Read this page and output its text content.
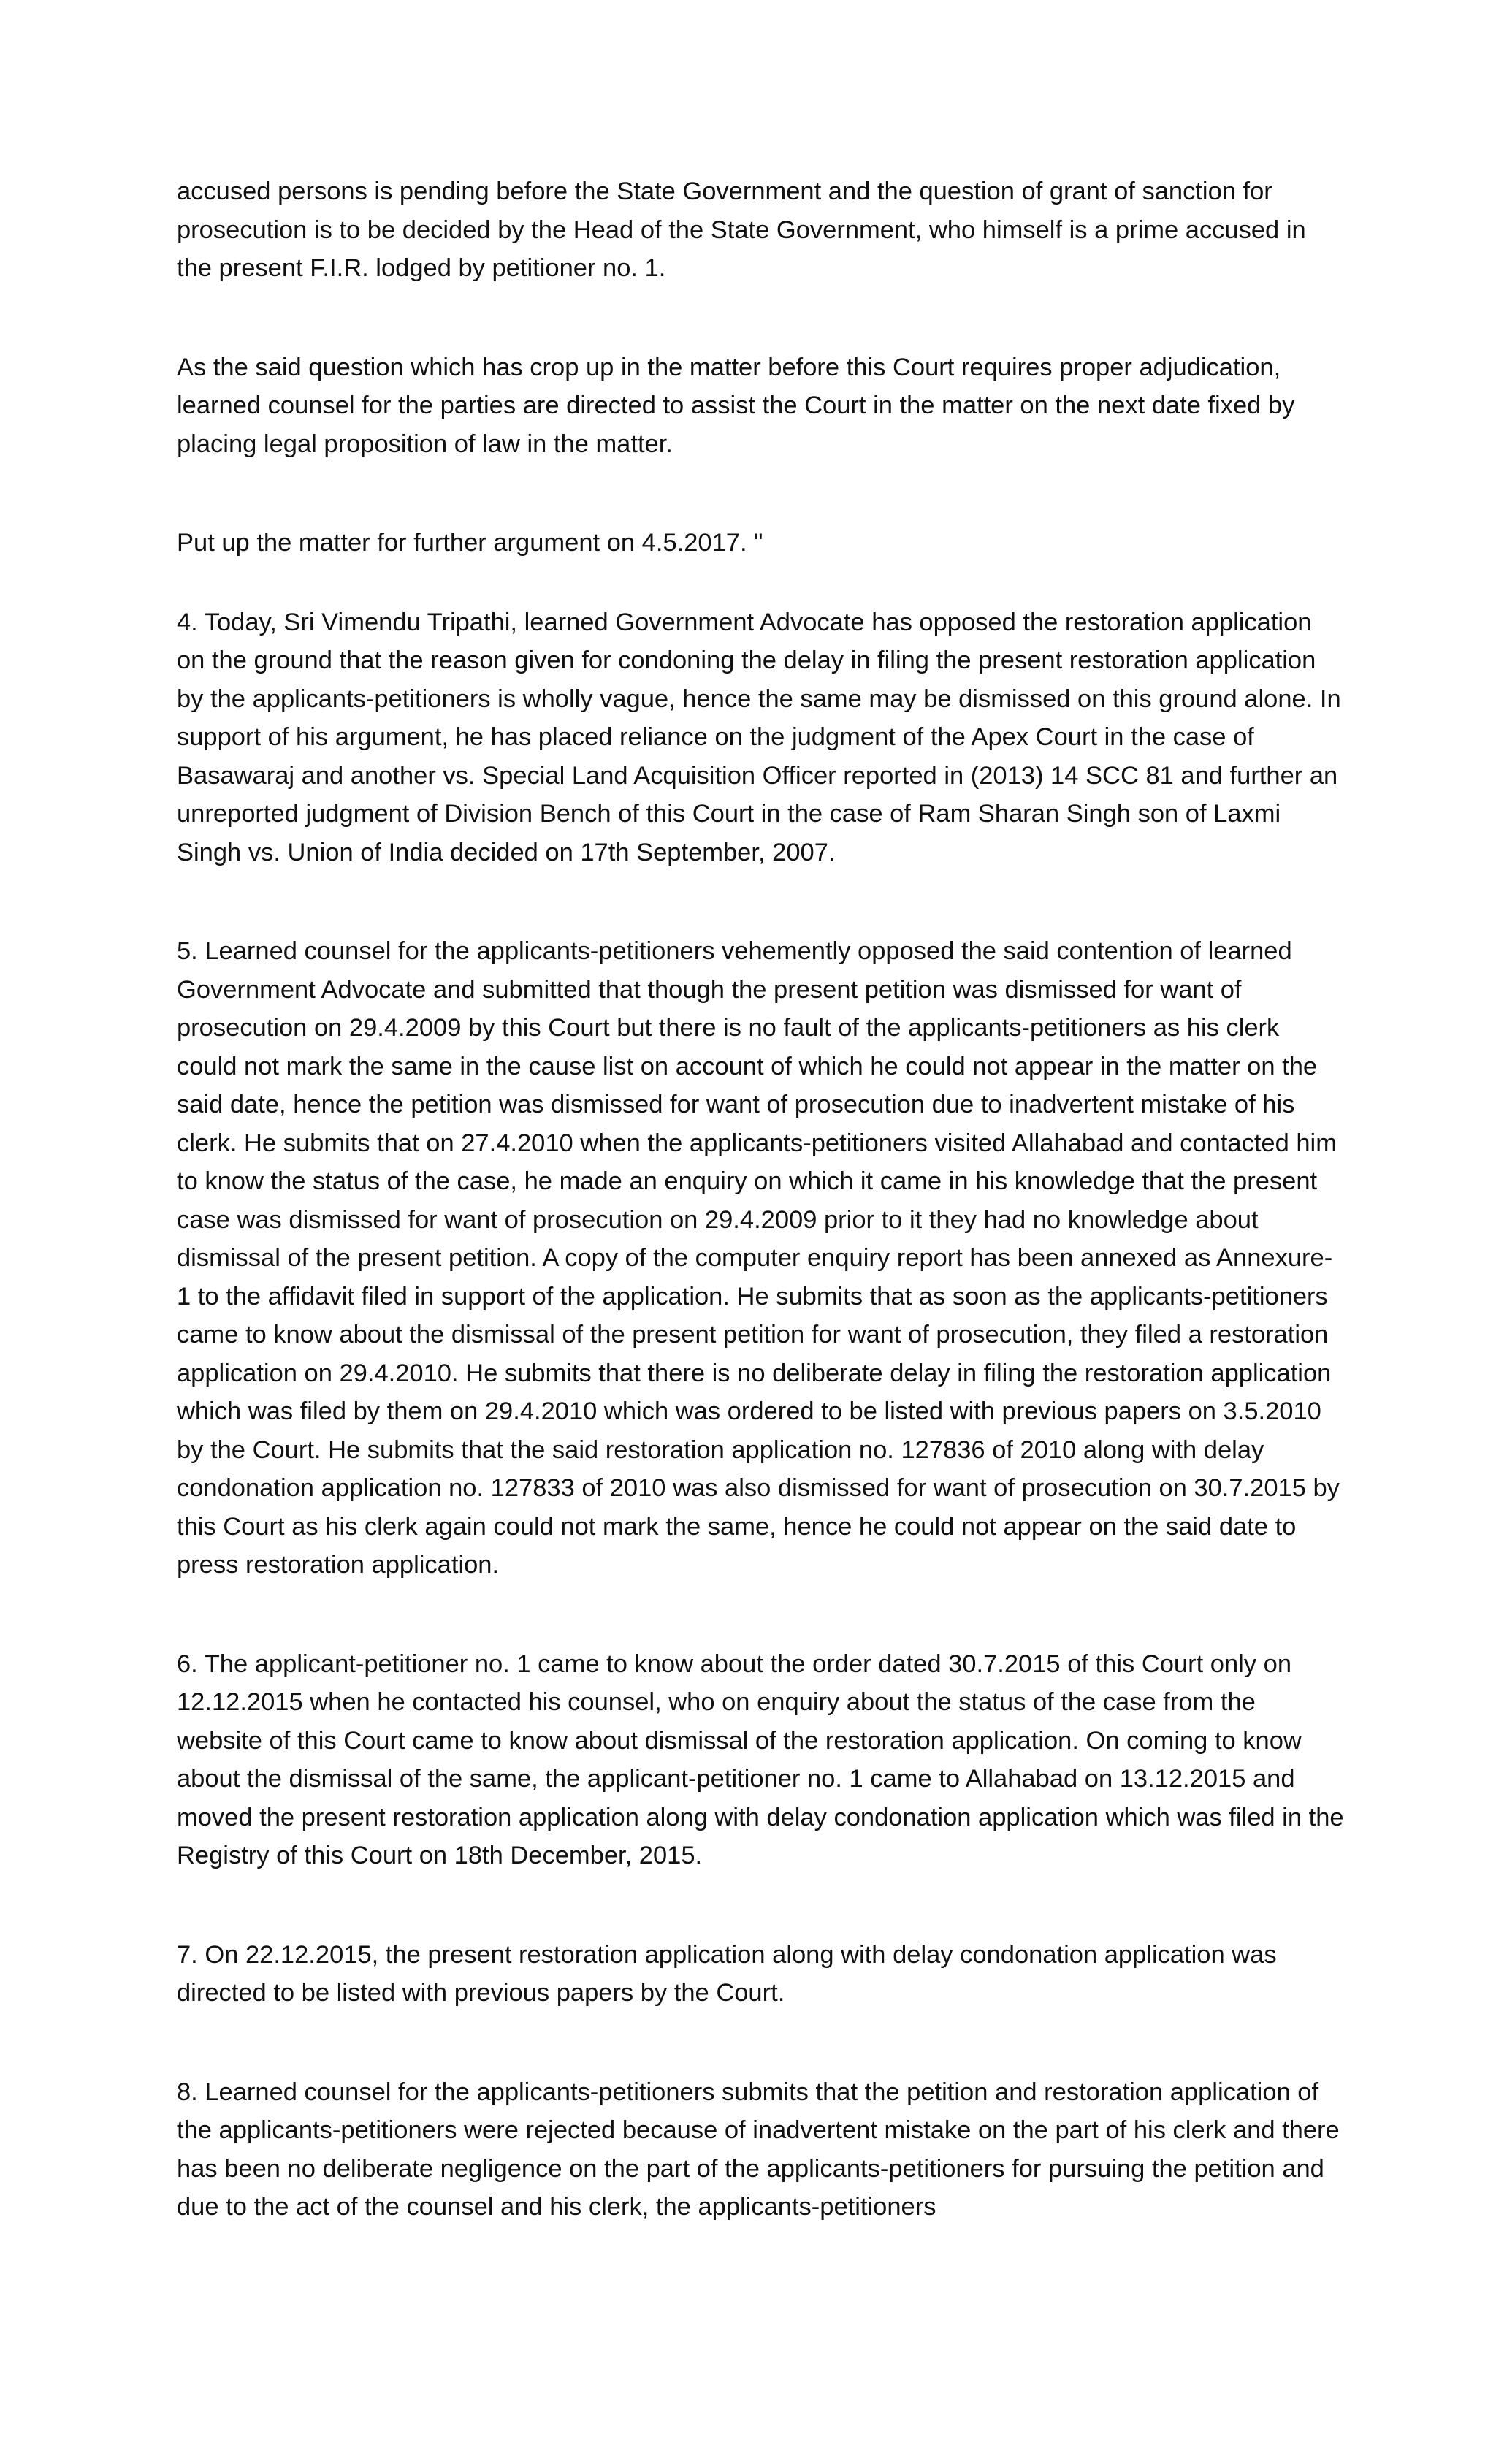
accused persons is pending before the State Government and the question of grant of sanction for prosecution is to be decided by the Head of the State Government, who himself is a prime accused in the present F.I.R. lodged by petitioner no. 1.

As the said question which has crop up in the matter before this Court requires proper adjudication, learned counsel for the parties are directed to assist the Court in the matter on the next date fixed by placing legal proposition of law in the matter.

Put up the matter for further argument on 4.5.2017. "

4. Today, Sri Vimendu Tripathi, learned Government Advocate has opposed the restoration application on the ground that the reason given for condoning the delay in filing the present restoration application by the applicants-petitioners is wholly vague, hence the same may be dismissed on this ground alone. In support of his argument, he has placed reliance on the judgment of the Apex Court in the case of Basawaraj and another vs. Special Land Acquisition Officer reported in (2013) 14 SCC 81 and further an unreported judgment of Division Bench of this Court in the case of Ram Sharan Singh son of Laxmi Singh vs. Union of India decided on 17th September, 2007.

5. Learned counsel for the applicants-petitioners vehemently opposed the said contention of learned Government Advocate and submitted that though the present petition was dismissed for want of prosecution on 29.4.2009 by this Court but there is no fault of the applicants-petitioners as his clerk could not mark the same in the cause list on account of which he could not appear in the matter on the said date, hence the petition was dismissed for want of prosecution due to inadvertent mistake of his clerk. He submits that on 27.4.2010 when the applicants-petitioners visited Allahabad and contacted him to know the status of the case, he made an enquiry on which it came in his knowledge that the present case was dismissed for want of prosecution on 29.4.2009 prior to it they had no knowledge about dismissal of the present petition. A copy of the computer enquiry report has been annexed as Annexure-1 to the affidavit filed in support of the application. He submits that as soon as the applicants-petitioners came to know about the dismissal of the present petition for want of prosecution, they filed a restoration application on 29.4.2010. He submits that there is no deliberate delay in filing the restoration application which was filed by them on 29.4.2010 which was ordered to be listed with previous papers on 3.5.2010 by the Court. He submits that the said restoration application no. 127836 of 2010 along with delay condonation application no. 127833 of 2010 was also dismissed for want of prosecution on 30.7.2015 by this Court as his clerk again could not mark the same, hence he could not appear on the said date to press restoration application.

6. The applicant-petitioner no. 1 came to know about the order dated 30.7.2015 of this Court only on 12.12.2015 when he contacted his counsel, who on enquiry about the status of the case from the website of this Court came to know about dismissal of the restoration application. On coming to know about the dismissal of the same, the applicant-petitioner no. 1 came to Allahabad on 13.12.2015 and moved the present restoration application along with delay condonation application which was filed in the Registry of this Court on 18th December, 2015.

7. On 22.12.2015, the present restoration application along with delay condonation application was directed to be listed with previous papers by the Court.

8. Learned counsel for the applicants-petitioners submits that the petition and restoration application of the applicants-petitioners were rejected because of inadvertent mistake on the part of his clerk and there has been no deliberate negligence on the part of the applicants-petitioners for pursuing the petition and due to the act of the counsel and his clerk, the applicants-petitioners
